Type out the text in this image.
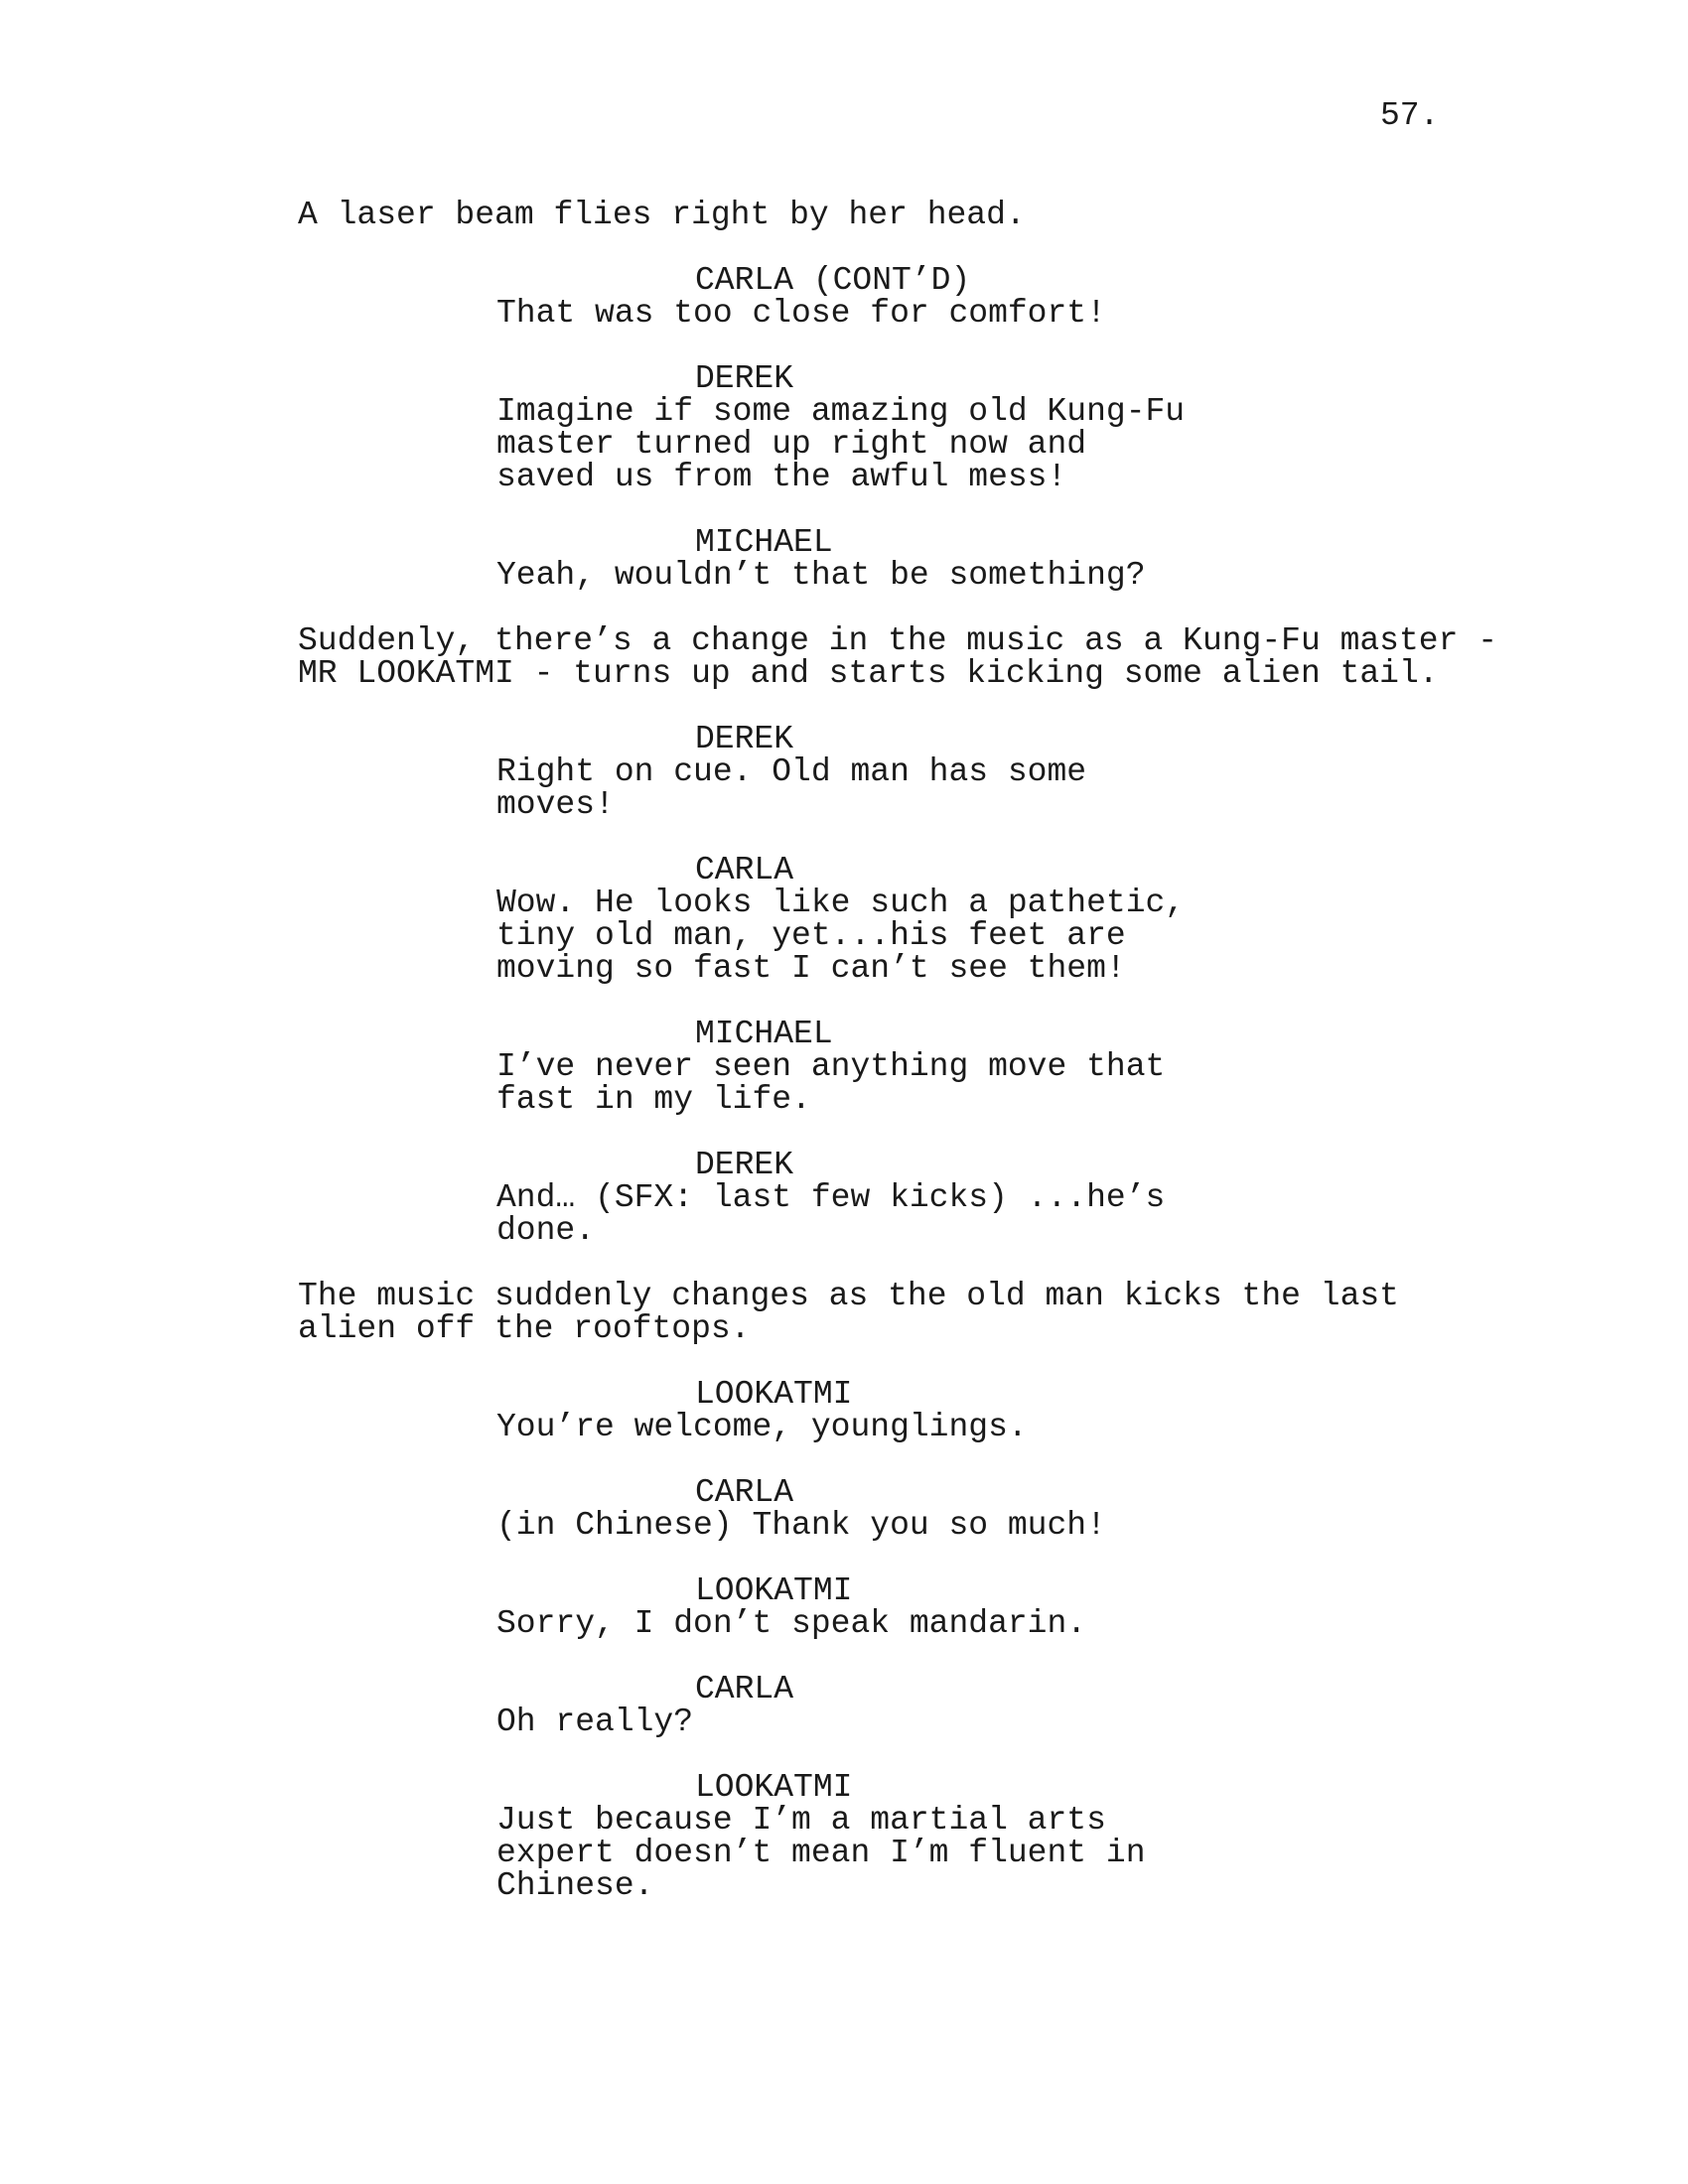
57.
A laser beam flies right by her head.
CARLA (CONT’D)
That was too close for comfort!
DEREK
Imagine if some amazing old Kung-Fu
master turned up right now and
saved us from the awful mess!
MICHAEL
Yeah, wouldn’t that be something?
Suddenly, there’s a change in the music as a Kung-Fu master -
MR LOOKATMI - turns up and starts kicking some alien tail.
DEREK
Right on cue. Old man has some
moves!
CARLA
Wow. He looks like such a pathetic,
tiny old man, yet...his feet are
moving so fast I can’t see them!
MICHAEL
I’ve never seen anything move that
fast in my life.
DEREK
And… (SFX: last few kicks) ...he’s
done.
The music suddenly changes as the old man kicks the last
alien off the rooftops.
LOOKATMI
You’re welcome, younglings.
CARLA
(in Chinese) Thank you so much!
LOOKATMI
Sorry, I don’t speak mandarin.
CARLA
Oh really?
LOOKATMI
Just because I’m a martial arts
expert doesn’t mean I’m fluent in
Chinese.
